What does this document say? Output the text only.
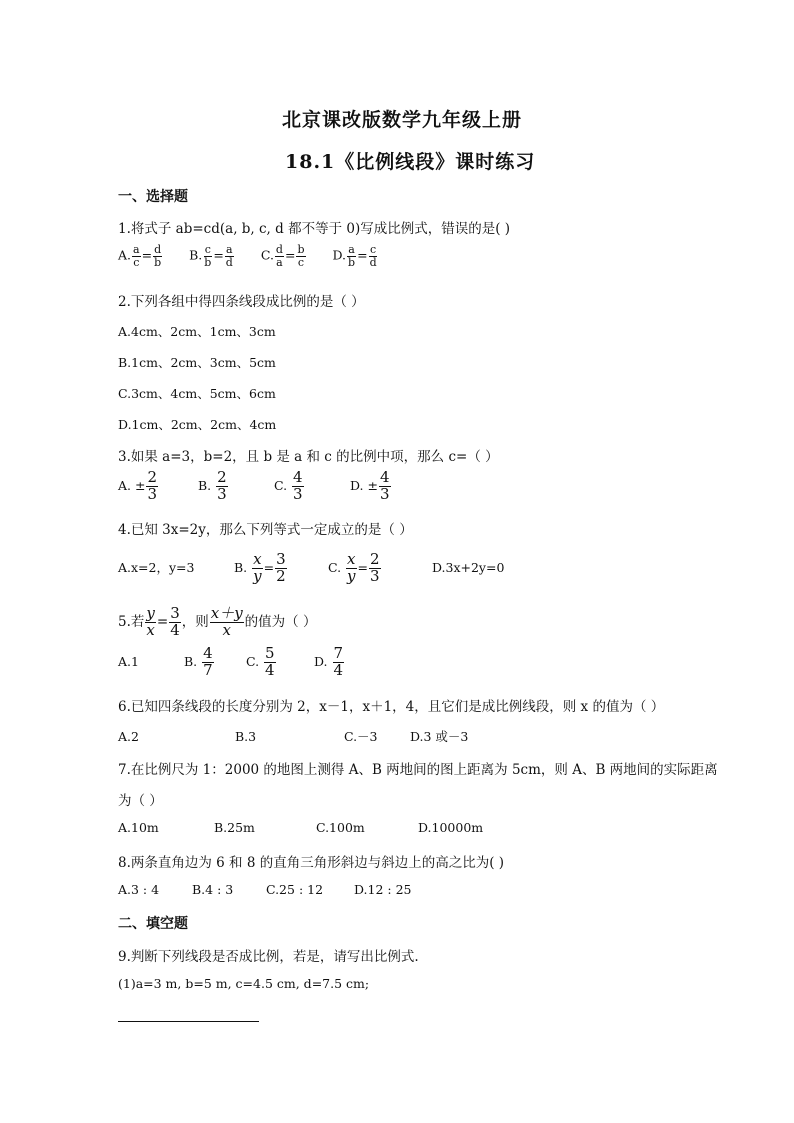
北京课改版数学九年级上册
18.1《比例线段》课时练习
一、选择题
1.将式子 ab=cd(a, b, c, d 都不等于 0)写成比例式，错误的是( )
A. $\frac{a}{c} = \frac{d}{b} B$. $\frac{c}{b} = \frac{a}{d} C$. $\frac{d}{a} = \frac{b}{c} D$. $\frac{a}{b} = \frac{c}{d}$
2.下列各组中得四条线段成比例的是（ ）
A.4cm、2cm、1cm、3cm
B.1cm、2cm、3cm、5cm
C.3cm、4cm、5cm、6cm
D.1cm、2cm、2cm、4cm
3.如果 a=3，b=2，且 b 是 a 和 c 的比例中项，那么 c=（ ）
A. ± $\frac{2}{3}$	B. $\frac{2}{3}$	C. $\frac{4}{3}$	D. ± $\frac{4}{3}$
4.已知 3x=2y，那么下列等式一定成立的是（ ）
A.x=2，y=3	B. $\frac{x}{y} = \frac{3}{2}$	C. $\frac{x}{y} = \frac{2}{3}$	D.3x+2y=0
5.若 $\frac{y}{x} = \frac{3}{4}$ ，则 $\frac{x+y}{x}$ 的值为（ ）
A.1	B. $\frac{4}{7}$	C. $\frac{5}{4}$	D. $\frac{7}{4}$
6.已知四条线段的长度分别为 2，x－1，x＋1，4，且它们是成比例线段，则 x 的值为（ ）
A.2	B.3	C.－3	D.3 或－3
7.在比例尺为 1：2000 的地图上测得 A、B 两地间的图上距离为 5cm，则 A、B 两地间的实际距离
为（ ）
A.10m	B.25m	C.100m	D.10000m
8.两条直角边为 6 和 8 的直角三角形斜边与斜边上的高之比为( )
A.3 : 4	B.4 : 3	C.25 : 12 D.12 : 25
二、填空题
9.判断下列线段是否成比例，若是，请写出比例式.
(1)a=3 m, b=5 m, c=4.5 cm, d=7.5 cm;
